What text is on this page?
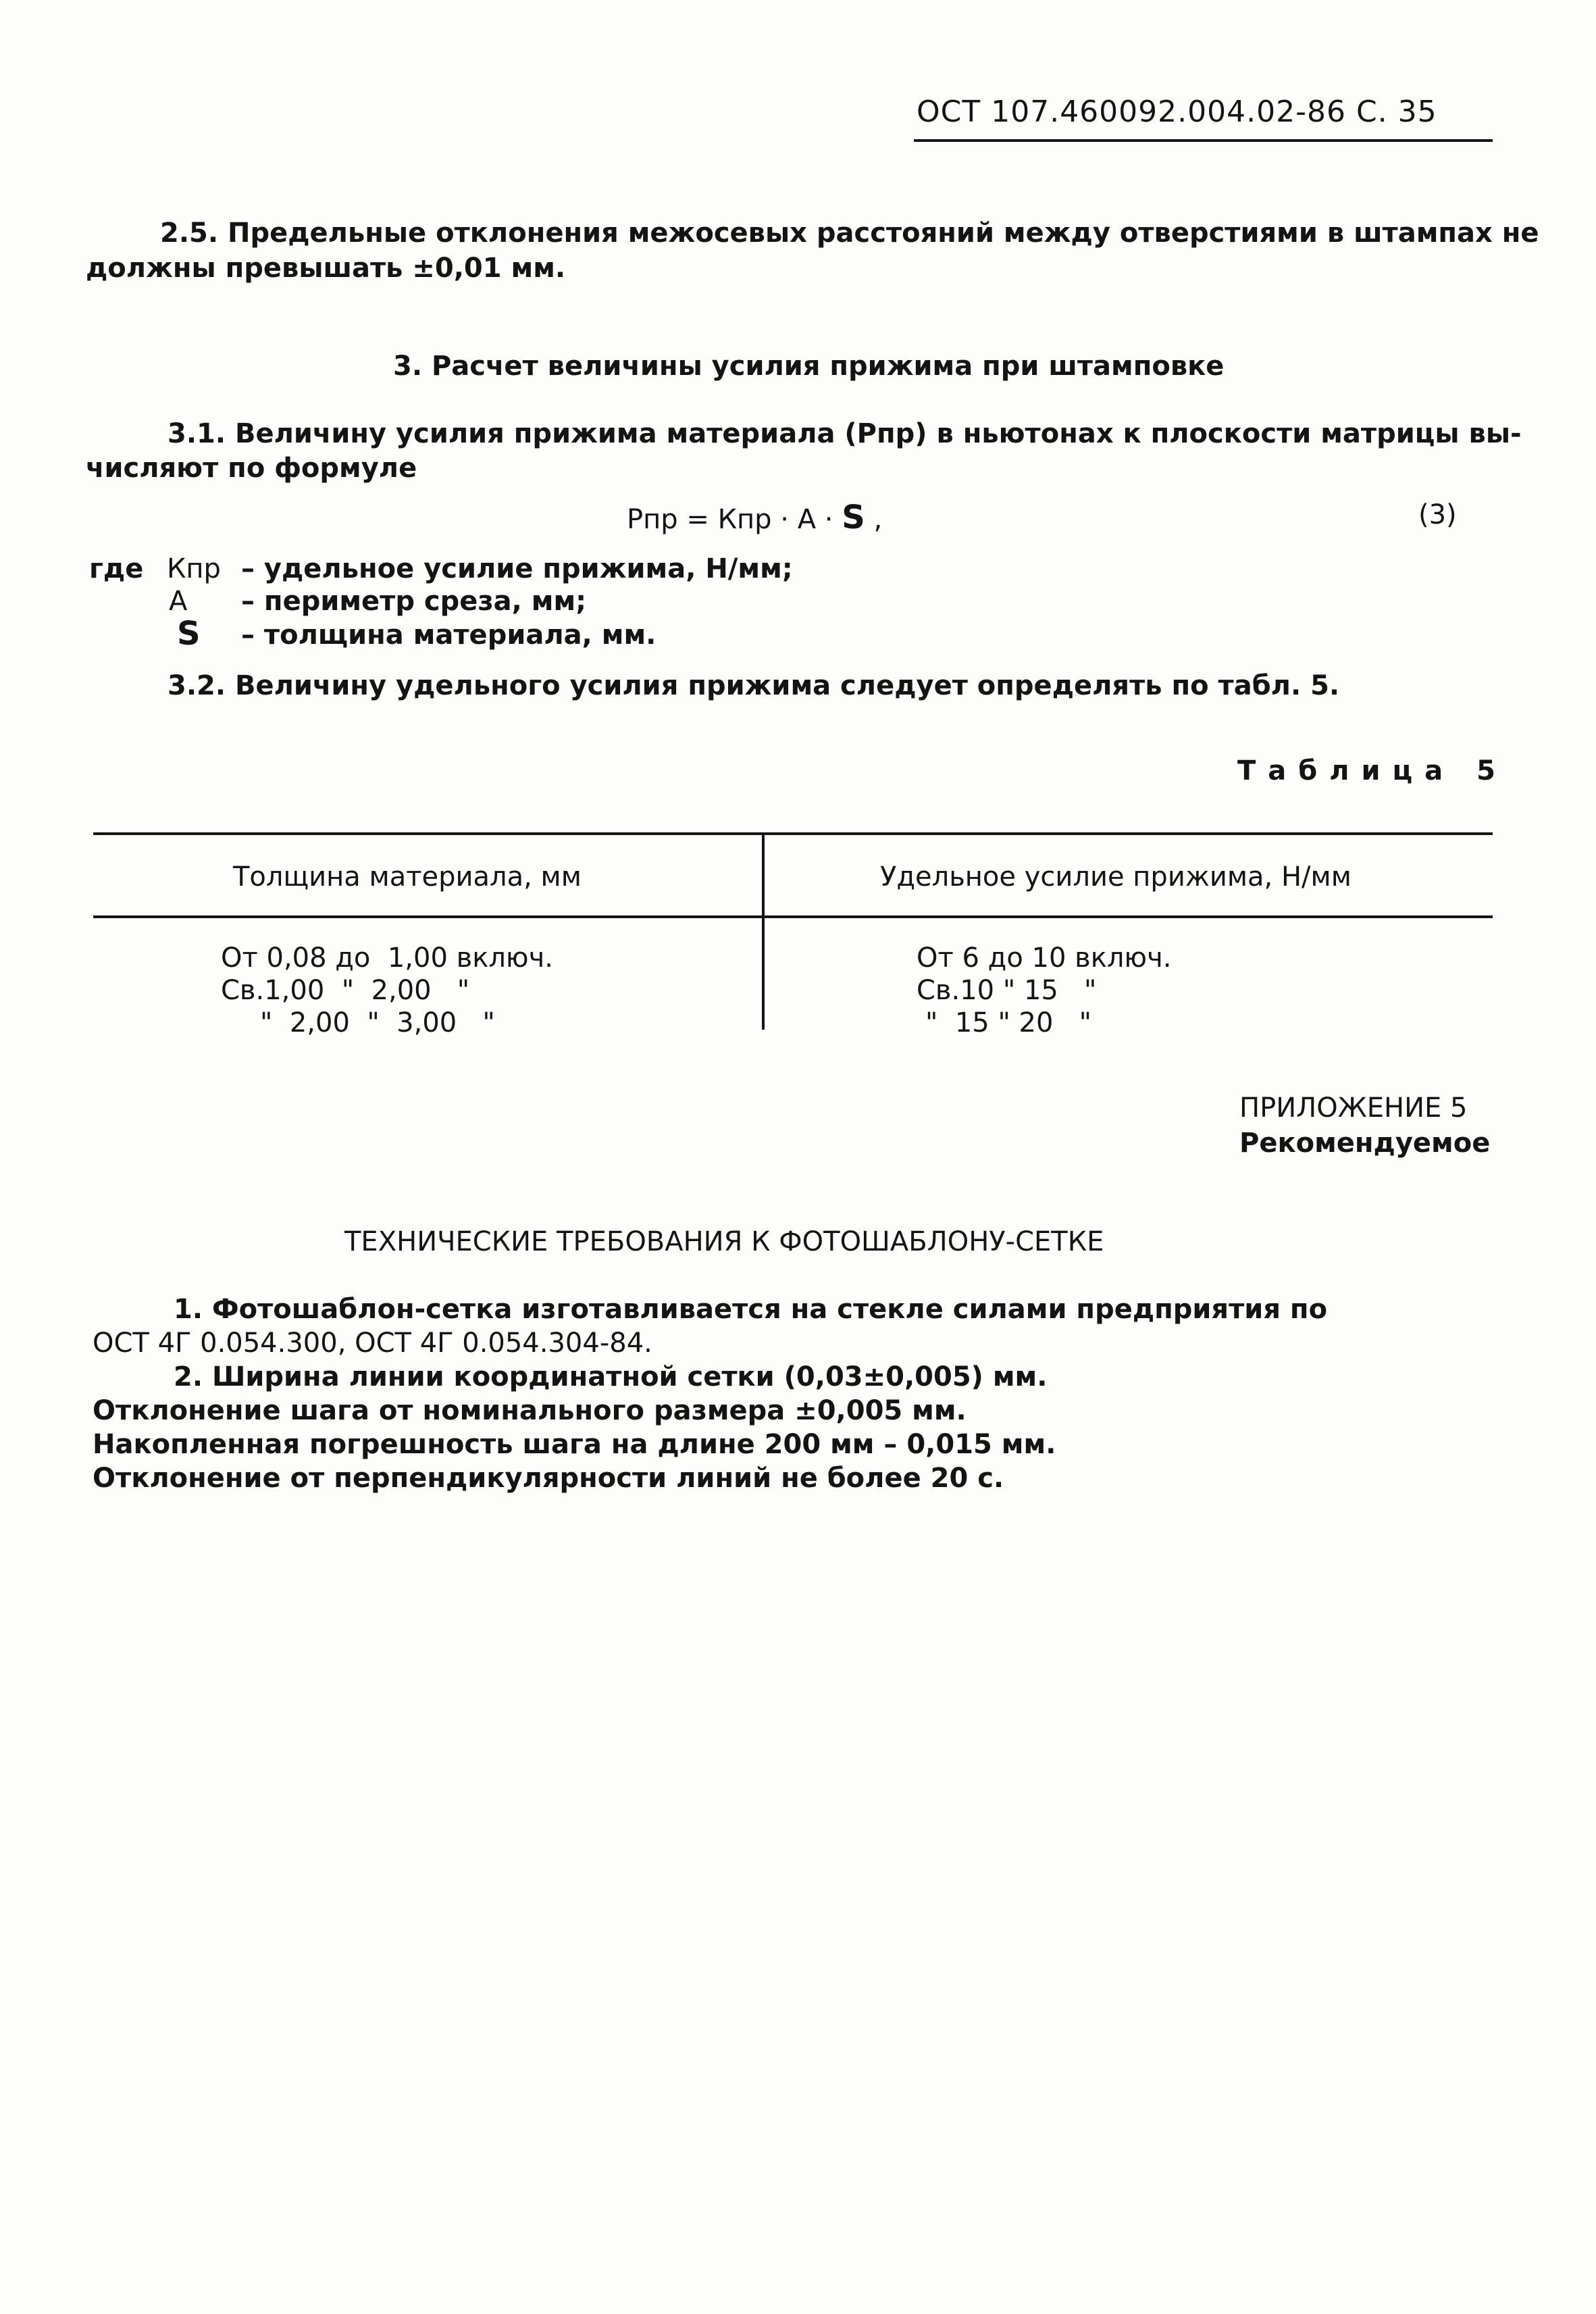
ОСТ 107.460092.004.02-86 С. 35
2.5. Предельные отклонения межосевых расстояний между отверстиями в штампах не
должны превышать ±0,01 мм.
3. Расчет величины усилия прижима при штамповке
3.1. Величину усилия прижима материала (Рпр) в ньютонах к плоскости матрицы вы-
числяют по формуле
Рпр = Кпр · А · S ,	(3)
где Кпр – удельное усилие прижима, Н/мм;
А – периметр среза, мм;
S – толщина материала, мм.
3.2. Величину удельного усилия прижима следует определять по табл. 5.
Таблица 5
Толщина материала, мм	Удельное усилие прижима, Н/мм
От 0,08 до  1,00 включ.	От 6 до 10 включ.
Св.1,00  "  2,00   "	Св.10 " 15   "
"  2,00  "  3,00   "	"  15 " 20   "
ПРИЛОЖЕНИЕ 5
Рекомендуемое
ТЕХНИЧЕСКИЕ ТРЕБОВАНИЯ К ФОТОШАБЛОНУ-СЕТКЕ
1. Фотошаблон-сетка изготавливается на стекле силами предприятия по
ОСТ 4Г 0.054.300, ОСТ 4Г 0.054.304-84.
2. Ширина линии координатной сетки (0,03±0,005) мм.
Отклонение шага от номинального размера ±0,005 мм.
Накопленная погрешность шага на длине 200 мм – 0,015 мм.
Отклонение от перпендикулярности линий не более 20 с.
